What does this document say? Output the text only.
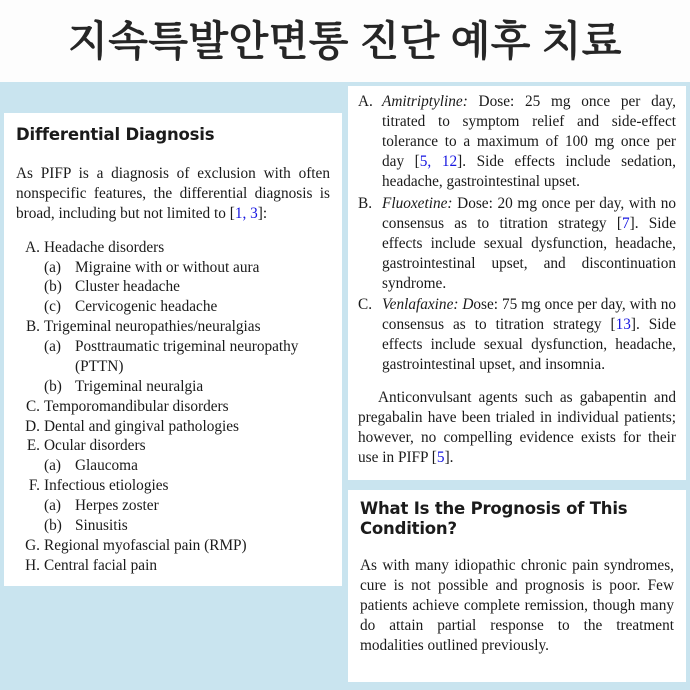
지속특발안면통 진단 예후 치료
Differential Diagnosis

As PIFP is a diagnosis of exclusion with often nonspecific features, the differential diagnosis is broad, including but not limited to [1, 3]:

A. Headache disorders
(a) Migraine with or without aura
(b) Cluster headache
(c) Cervicogenic headache
B. Trigeminal neuropathies/neuralgias
(a) Posttraumatic trigeminal neuropathy (PTTN)
(b) Trigeminal neuralgia
C. Temporomandibular disorders
D. Dental and gingival pathologies
E. Ocular disorders
(a) Glaucoma
F. Infectious etiologies
(a) Herpes zoster
(b) Sinusitis
G. Regional myofascial pain (RMP)
H. Central facial pain
A. Amitriptyline: Dose: 25 mg once per day, titrated to symptom relief and side-effect tolerance to a maximum of 100 mg once per day [5, 12]. Side effects include sedation, headache, gastrointestinal upset.
B. Fluoxetine: Dose: 20 mg once per day, with no consensus as to titration strategy [7]. Side effects include sexual dysfunction, headache, gastrointestinal upset, and discontinuation syndrome.
C. Venlafaxine: Dose: 75 mg once per day, with no consensus as to titration strategy [13]. Side effects include sexual dysfunction, headache, gastrointestinal upset, and insomnia.

Anticonvulsant agents such as gabapentin and pregabalin have been trialed in individual patients; however, no compelling evidence exists for their use in PIFP [5].

What Is the Prognosis of This Condition?

As with many idiopathic chronic pain syndromes, cure is not possible and prognosis is poor. Few patients achieve complete remission, though many do attain partial response to the treatment modalities outlined previously.
